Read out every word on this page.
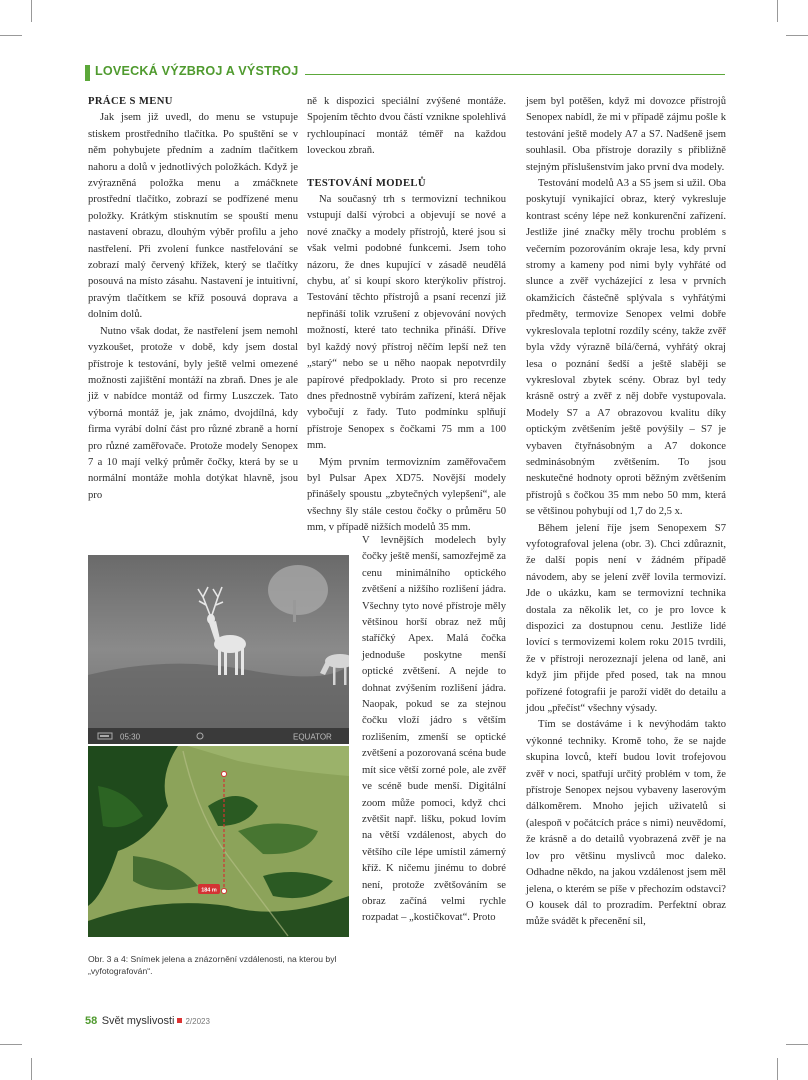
LOVECKÁ VÝZBROJ A VÝSTROJ
PRÁCE S MENU

Jak jsem již uvedl, do menu se vstupuje stiskem prostředního tlačítka. Po spuštění se v něm pohybujete předním a zadním tlačítkem nahoru a dolů v jednotlivých položkách. Když je zvýrazněná položka menu a zmáčknete prostřední tlačítko, zobrazí se podřízené menu položky. Krátkým stisknutím se spouští menu nastavení obrazu, dlouhým výběr profilu a jeho nastřelení. Při zvolení funkce nastřelování se zobrazí malý červený křížek, který se tlačítky posouvá na místo zásahu. Nastavení je intuitivní, pravým tlačítkem se kříž posouvá doprava a dolním dolů.

Nutno však dodat, že nastřelení jsem nemohl vyzkoušet, protože v době, kdy jsem dostal přístroje k testování, byly ještě velmi omezené možnosti zajištění montáží na zbraň. Dnes je ale již v nabídce montáž od firmy Luszczek. Tato výborná montáž je, jak známo, dvojdílná, kdy firma vyrábí dolní část pro různé zbraně a horní pro různé zaměřovače. Protože modely Senopex 7 a 10 mají velký průměr čočky, která by se u normální montáže mohla dotýkat hlavně, jsou pro

ně k dispozici speciální zvýšené montáže. Spojením těchto dvou částí vznikne spolehlivá rychloupínací montáž téměř na každou loveckou zbraň.

TESTOVÁNÍ MODELŮ

Na současný trh s termovizní technikou vstupují další výrobci a objevují se nové a nové značky a modely přístrojů, které jsou si však velmi podobné funkcemi. Jsem toho názoru, že dnes kupující v zásadě neudělá chybu, ať si koupí skoro kterýkoliv přístroj. Testování těchto přístrojů a psaní recenzí již nepřináší tolik vzrušení z objevování nových možností, které tato technika přináší. Dříve byl každý nový přístroj něčím lepší než ten „starý“ nebo se u něho naopak nepotvrdily papírové předpoklady. Proto si pro recenze dnes přednostně vybírám zařízení, která nějak vybočují z řady. Tuto podmínku splňují přístroje Senopex s čočkami 75 mm a 100 mm.

Mým prvním termovizním zaměřovačem byl Pulsar Apex XD75. Novější modely přinášely spoustu „zbytečných vylepšení“, ale všechny šly stále cestou čočky o průměru 50 mm, v případě nižších modelů 35 mm.

V levnějších modelech byly čočky ještě menší, samozřejmě za cenu minimálního optického zvětšení a nižšího rozlišení jádra. Všechny tyto nové přístroje měly většinou horší obraz než můj staříčký Apex. Malá čočka jednoduše poskytne menší optické zvětšení. A nejde to dohnat zvýšením rozlišení jádra. Naopak, pokud se za stejnou čočku vloží jádro s větším rozlišením, zmenší se optické zvětšení a pozorovaná scéna bude mít sice větší zorné pole, ale zvěř ve scéně bude menší. Digitální zoom může pomoci, když chci zvětšit např. lišku, pokud lovím na větší vzdálenost, abych do většího cíle lépe umístil zámerný kříž. K ničemu jinému to dobré není, protože zvětšováním se obraz začíná velmi rychle rozpadat – „kostičkovat“. Proto

jsem byl potěšen, když mi dovozce přístrojů Senopex nabídl, že mi v případě zájmu pošle k testování ještě modely A7 a S7. Nadšeně jsem souhlasil. Oba přístroje dorazily s přibližně stejným příslušenstvím jako první dva modely.

Testování modelů A3 a S5 jsem si užil. Oba poskytují vynikající obraz, který vykresluje kontrast scény lépe než konkurenční zařízení. Jestliže jiné značky měly trochu problém s večerním pozorováním okraje lesa, kdy první stromy a kameny pod nimi byly vyhřáté od slunce a zvěř vycházející z lesa v prvních okamžicích částečně splývala s vyhřátými předměty, termovize Senopex velmi dobře vykreslovala teplotní rozdíly scény, takže zvěř byla vždy výrazně bílá/černá, vyhřátý okraj lesa o poznání šedší a ještě slaběji se vykresloval zbytek scény. Obraz byl tedy krásně ostrý a zvěř z něj dobře vystupovala. Modely S7 a A7 obrazovou kvalitu díky optickým zvětšením ještě povýšily – S7 je vybaven čtyřnásobným a A7 dokonce sedminásobným zvětšením. To jsou neskutečné hodnoty oproti běžným zvětšením přístrojů s čočkou 35 mm nebo 50 mm, která se většinou pohybují od 1,7 do 2,5 x.

Během jelení říje jsem Senopexem S7 vyfotografoval jelena (obr. 3). Chci zdůraznit, že další popis není v žádném případě návodem, aby se jelení zvěř lovila termovizí. Jde o ukázku, kam se termovizní technika dostala za několik let, co je pro lovce k dispozici za dostupnou cenu. Jestliže lidé lovící s termovizemi kolem roku 2015 tvrdili, že v přístroji nerozeznají jelena od laně, ani když jim přijde před posed, tak na mnou pořízené fotografii je paroží vidět do detailu a jdou „přečíst“ všechny výsady.

Tím se dostáváme i k nevýhodám takto výkonné techniky. Kromě toho, že se najde skupina lovců, kteří budou lovit trofejovou zvěř v noci, spatřují určitý problém v tom, že přístroje Senopex nejsou vybaveny laserovým dálkoměrem. Mnoho jejich uživatelů si (alespoň v počátcích práce s nimi) neuvědomí, že krásně a do detailů vyobrazená zvěř je na lov pro většinu myslivců moc daleko. Odhadne někdo, na jakou vzdálenost jsem měl jelena, o kterém se píše v přechozím odstavci? O kousek dál to prozradím. Perfektní obraz může svádět k přecenění sil,

05:30	EQUATOR
184 m
Obr. 3 a 4: Snímek jelena a znázornění vzdálenosti, na kterou byl „vyfotografován“.
58 Svět myslivosti 2/2023
